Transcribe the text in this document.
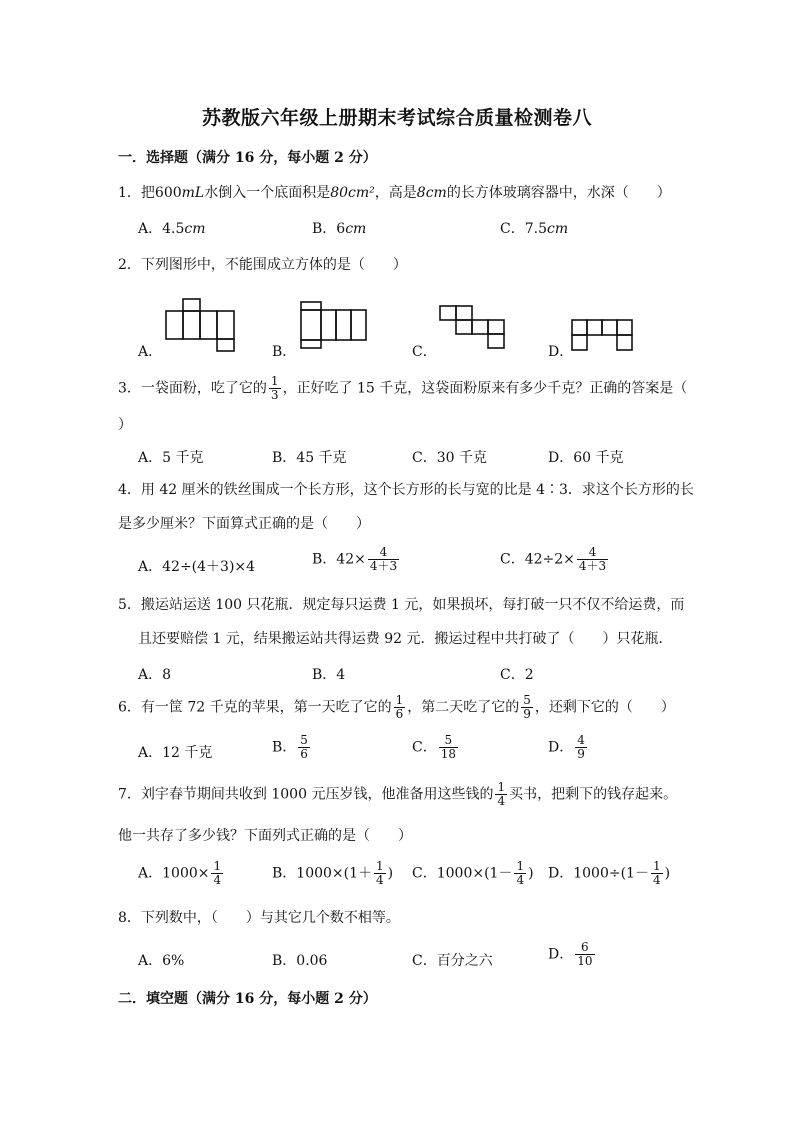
苏教版六年级上册期末考试综合质量检测卷八
一．选择题（满分 16 分，每小题 2 分）
1．把600mL水倒入一个底面积是80cm²，高是8cm的长方体玻璃容器中，水深（　　）
A．4.5cm	B．6cm	C．7.5cm
2．下列图形中，不能围成立方体的是（　　）
A．	B．	C．	D．
3．一袋面粉，吃了它的 $\frac{1}{3}$ ，正好吃了 15 千克，这袋面粉原来有多少千克？正确的答案是（
）
A．5 千克	B．45 千克	C．30 千克	D．60 千克
4．用 42 厘米的铁丝围成一个长方形，这个长方形的长与宽的比是 4∶3．求这个长方形的长
是多少厘米？下面算式正确的是（　　）
A．42÷(4＋3)×4	B．$42\times \frac{4}{4+3}$	C．$42\div 2\times \frac{4}{4+3}$
5．搬运站运送 100 只花瓶．规定每只运费 1 元，如果损坏，每打破一只不仅不给运费，而
且还要赔偿 1 元，结果搬运站共得运费 92 元．搬运过程中共打破了（　　）只花瓶．
A．8	B．4	C．2
6．有一筐 72 千克的苹果，第一天吃了它的 $\frac{1}{6}$ ，第二天吃了它的 $\frac{5}{9}$ ，还剩下它的（　　）
A．12 千克	B． $\frac{5}{6}$	C． $\frac{5}{18}$	D． $\frac{4}{9}$
7．刘宇春节期间共收到 1000 元压岁钱，他准备用这些钱的 $\frac{1}{4}$ 买书，把剩下的钱存起来。
他一共存了多少钱？下面列式正确的是（　　）
A．$1000\times \frac{1}{4}$	B．$1000\times(1+ \frac{1}{4}$ ) C．$1000\times(1- \frac{1}{4}$ ) D．$1000\div(1- \frac{1}{4}$ )
8．下列数中，（　　）与其它几个数不相等。
A．6%	B．0.06	C．百分之六	D． $\frac{6}{10}$
二．填空题（满分 16 分，每小题 2 分）
